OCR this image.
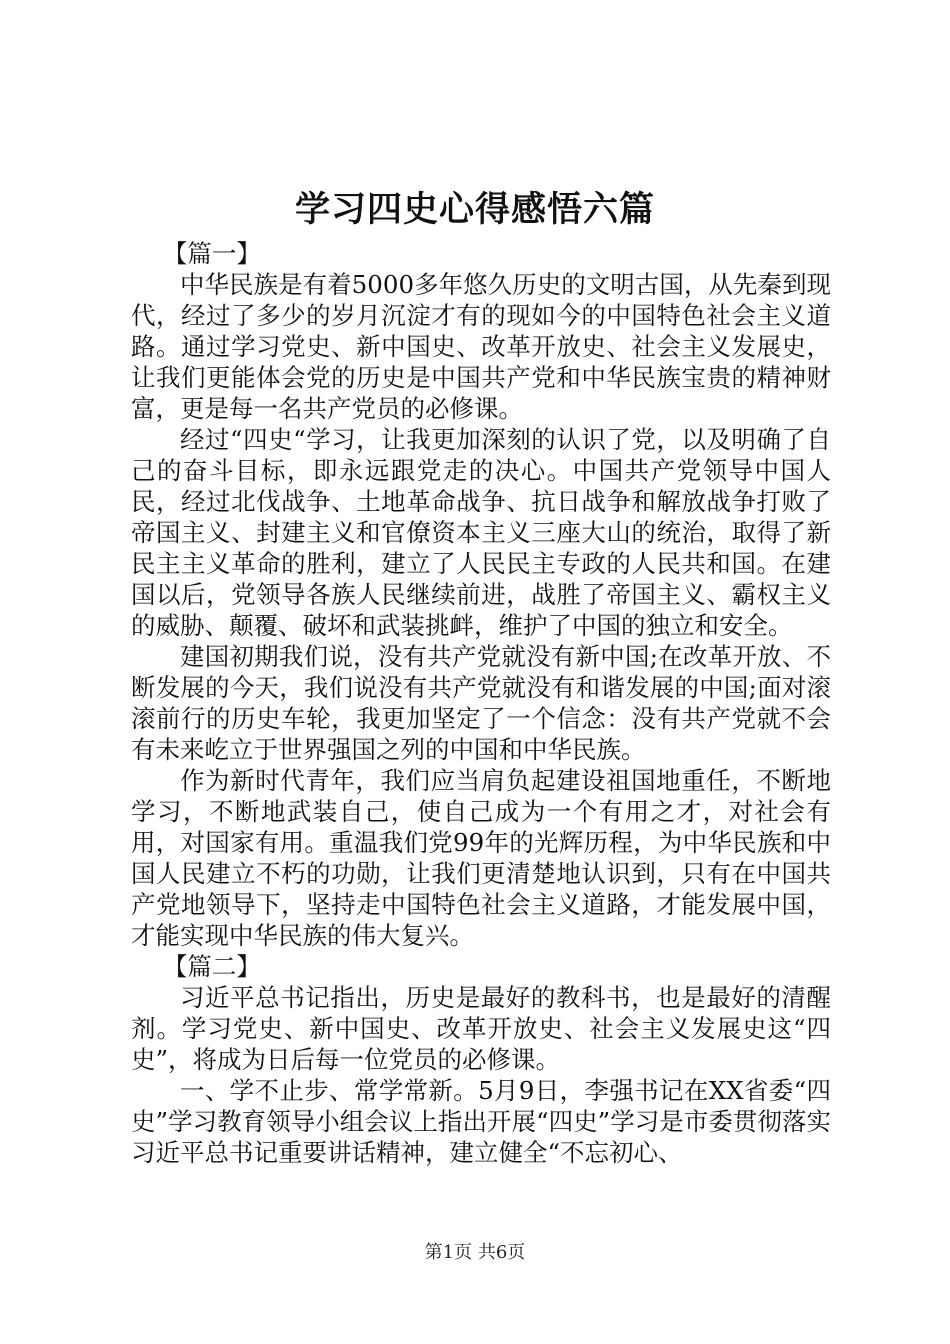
学习四史心得感悟六篇

【篇一】

中华民族是有着5000多年悠久历史的文明古国，从先秦到现代，经过了多少的岁月沉淀才有的现如今的中国特色社会主义道路。通过学习党史、新中国史、改革开放史、社会主义发展史，让我们更能体会党的历史是中国共产党和中华民族宝贵的精神财富，更是每一名共产党员的必修课。

经过“四史“学习，让我更加深刻的认识了党，以及明确了自己的奋斗目标，即永远跟党走的决心。中国共产党领导中国人民，经过北伐战争、土地革命战争、抗日战争和解放战争打败了帝国主义、封建主义和官僚资本主义三座大山的统治，取得了新民主主义革命的胜利，建立了人民民主专政的人民共和国。在建国以后，党领导各族人民继续前进，战胜了帝国主义、霸权主义的威胁、颠覆、破坏和武装挑衅，维护了中国的独立和安全。

建国初期我们说，没有共产党就没有新中国;在改革开放、不断发展的今天，我们说没有共产党就没有和谐发展的中国;面对滚滚前行的历史车轮，我更加坚定了一个信念：没有共产党就不会有未来屹立于世界强国之列的中国和中华民族。

作为新时代青年，我们应当肩负起建设祖国地重任，不断地学习，不断地武装自己，使自己成为一个有用之才，对社会有用，对国家有用。重温我们党99年的光辉历程，为中华民族和中国人民建立不朽的功勋，让我们更清楚地认识到，只有在中国共产党地领导下，坚持走中国特色社会主义道路，才能发展中国，才能实现中华民族的伟大复兴。

【篇二】

习近平总书记指出，历史是最好的教科书，也是最好的清醒剂。学习党史、新中国史、改革开放史、社会主义发展史这“四史”，将成为日后每一位党员的必修课。

一、学不止步、常学常新。5月9日，李强书记在XX省委“四史”学习教育领导小组会议上指出开展“四史”学习是市委贯彻落实习近平总书记重要讲话精神，建立健全“不忘初心、

第1页 共6页
